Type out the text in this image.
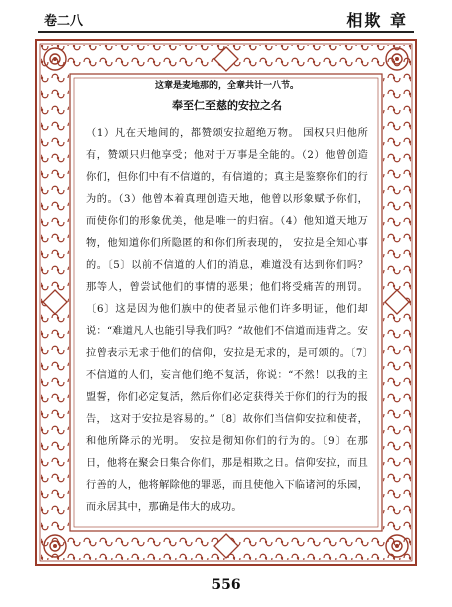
卷二八	相欺 章
这章是麦地那的，全章共计一八节。
奉至仁至慈的安拉之名
（1）凡在天地间的，都赞颂安拉超绝万物。 国权只归他所有，赞颂只归他享受；他对于万事是全能的。（2）他曾创造你们，但你们中有不信道的，有信道的；真主是鉴察你们的行为的。（3）他曾本着真理创造天地，他曾以形象赋予你们，而使你们的形象优美，他是唯一的归宿。（4）他知道天地万物，他知道你们所隐匿的和你们所表现的， 安拉是全知心事的。〔5〕以前不信道的人们的消息，难道没有达到你们吗？那等人，曾尝试他们的事情的恶果；他们将受痛苦的刑罚。〔6〕这是因为他们族中的使者显示他们许多明证，他们却说：“难道凡人也能引导我们吗？”故他们不信道而违背之。安拉曾表示无求于他们的信仰，安拉是无求的，是可颂的。〔7〕不信道的人们，妄言他们绝不复活，你说：“不然！以我的主盟誓，你们必定复活，然后你们必定获得关于你们的行为的报告， 这对于安拉是容易的。”〔8〕故你们当信仰安拉和使者，和他所降示的光明。 安拉是彻知你们的行为的。〔9〕在那日，他将在聚会日集合你们，那是相欺之日。信仰安拉，而且行善的人，他将解除他的罪恶，而且使他入下临诸河的乐园， 而永居其中，那确是伟大的成功。
556
